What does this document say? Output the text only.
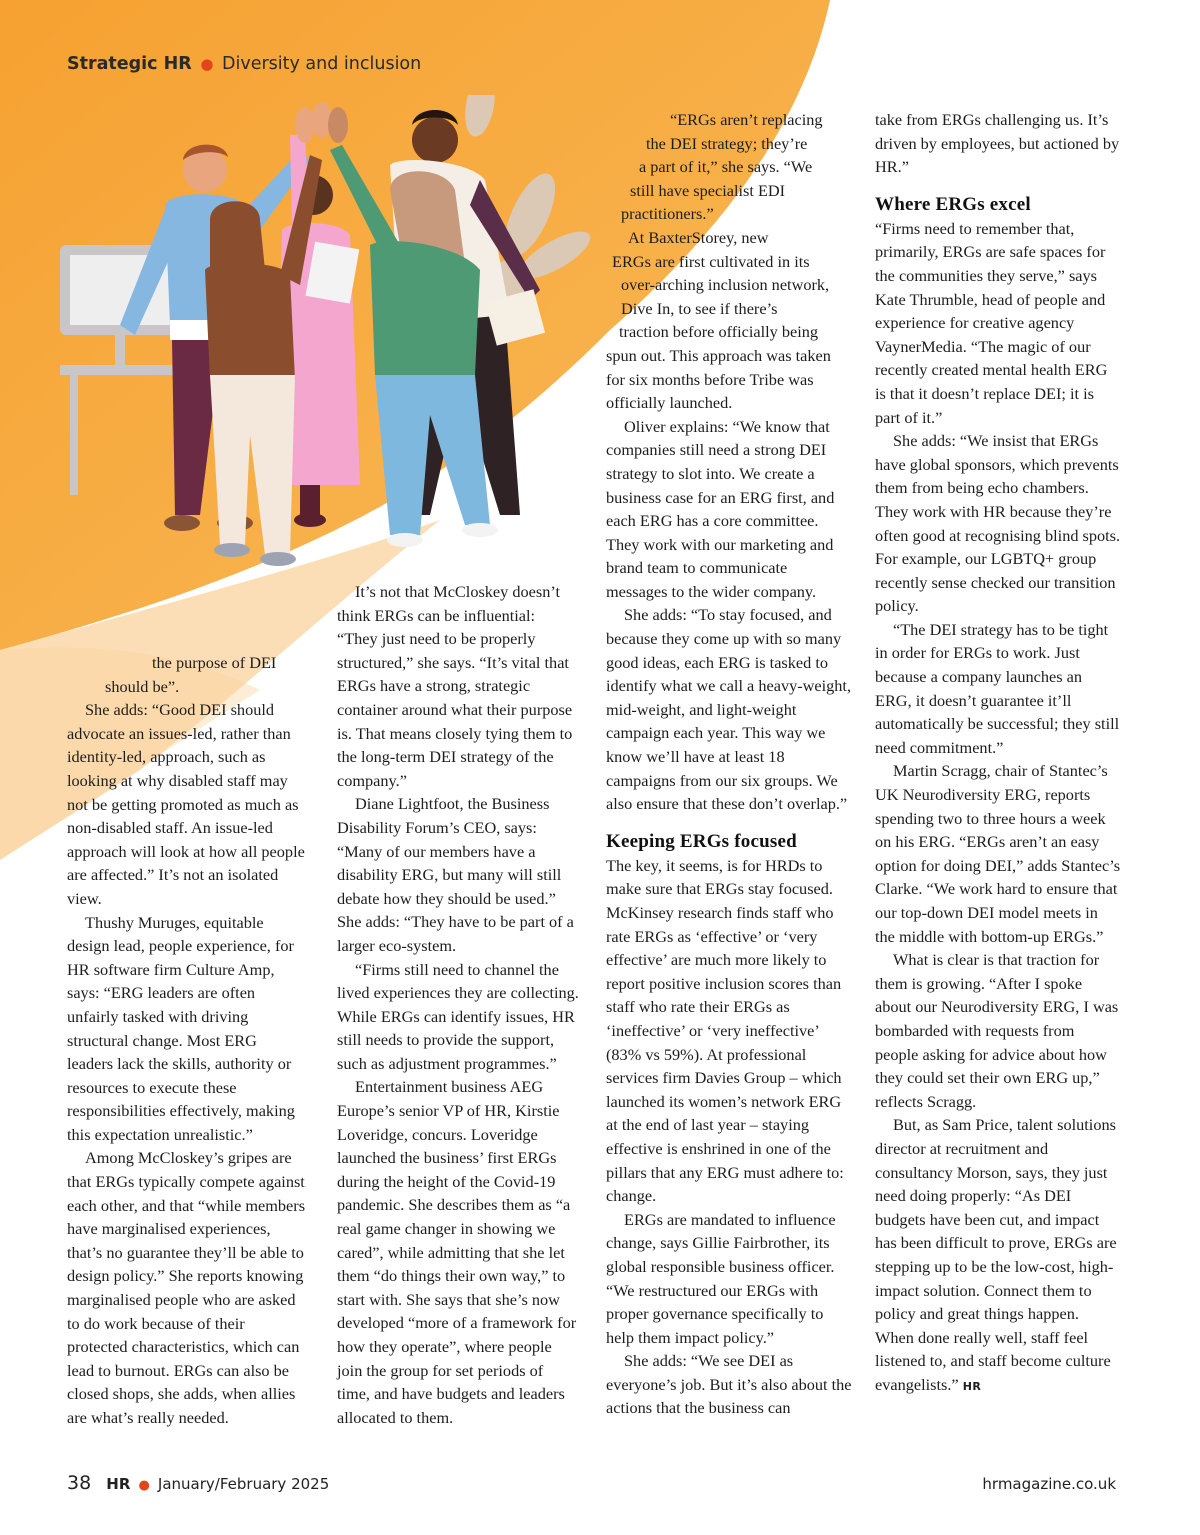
Strategic HR ● Diversity and inclusion
the purpose of DEI
should be”.

She adds: “Good DEI should advocate an issues-led, rather than identity-led, approach, such as looking at why disabled staff may not be getting promoted as much as non-disabled staff. An issue-led approach will look at how all people are affected.” It’s not an isolated view.

Thushy Muruges, equitable design lead, people experience, for HR software firm Culture Amp, says: “ERG leaders are often unfairly tasked with driving structural change. Most ERG leaders lack the skills, authority or resources to execute these responsibilities effectively, making this expectation unrealistic.”

Among McCloskey’s gripes are that ERGs typically compete against each other, and that “while members have marginalised experiences, that’s no guarantee they’ll be able to design policy.” She reports knowing marginalised people who are asked to do work because of their protected characteristics, which can lead to burnout. ERGs can also be closed shops, she adds, when allies are what’s really needed.

It’s not that McCloskey doesn’t think ERGs can be influential: “They just need to be properly structured,” she says. “It’s vital that ERGs have a strong, strategic container around what their purpose is. That means closely tying them to the long-term DEI strategy of the company.”

Diane Lightfoot, the Business Disability Forum’s CEO, says: “Many of our members have a disability ERG, but many will still debate how they should be used.” She adds: “They have to be part of a larger eco-system.

“Firms still need to channel the lived experiences they are collecting. While ERGs can identify issues, HR still needs to provide the support, such as adjustment programmes.”

Entertainment business AEG Europe’s senior VP of HR, Kirstie Loveridge, concurs. Loveridge launched the business’ first ERGs during the height of the Covid-19 pandemic. She describes them as “a real game changer in showing we cared”, while admitting that she let them “do things their own way,” to start with. She says that she’s now developed “more of a framework for how they operate”, where people join the group for set periods of time, and have budgets and leaders allocated to them.

“ERGs aren’t replacing
the DEI strategy; they’re
a part of it,” she says. “We
still have specialist EDI
practitioners.”
At BaxterStorey, new
ERGs are first cultivated in its
over-arching inclusion network,
Dive In, to see if there’s
traction before officially being

spun out. This approach was taken for six months before Tribe was officially launched.

Oliver explains: “We know that companies still need a strong DEI strategy to slot into. We create a business case for an ERG first, and each ERG has a core committee. They work with our marketing and brand team to communicate messages to the wider company.

She adds: “To stay focused, and because they come up with so many good ideas, each ERG is tasked to identify what we call a heavy-weight, mid-weight, and light-weight campaign each year. This way we know we’ll have at least 18 campaigns from our six groups. We also ensure that these don’t overlap.”

Keeping ERGs focused

The key, it seems, is for HRDs to make sure that ERGs stay focused. McKinsey research finds staff who rate ERGs as ‘effective’ or ‘very effective’ are much more likely to report positive inclusion scores than staff who rate their ERGs as ‘ineffective’ or ‘very ineffective’ (83% vs 59%). At professional services firm Davies Group – which launched its women’s network ERG at the end of last year – staying effective is enshrined in one of the pillars that any ERG must adhere to: change.

ERGs are mandated to influence change, says Gillie Fairbrother, its global responsible business officer. “We restructured our ERGs with proper governance specifically to help them impact policy.”

She adds: “We see DEI as everyone’s job. But it’s also about the actions that the business can

take from ERGs challenging us. It’s driven by employees, but actioned by HR.”

Where ERGs excel

“Firms need to remember that, primarily, ERGs are safe spaces for the communities they serve,” says Kate Thrumble, head of people and experience for creative agency VaynerMedia. “The magic of our recently created mental health ERG is that it doesn’t replace DEI; it is part of it.”

She adds: “We insist that ERGs have global sponsors, which prevents them from being echo chambers. They work with HR because they’re often good at recognising blind spots. For example, our LGBTQ+ group recently sense checked our transition policy.

“The DEI strategy has to be tight in order for ERGs to work. Just because a company launches an ERG, it doesn’t guarantee it’ll automatically be successful; they still need commitment.”

Martin Scragg, chair of Stantec’s UK Neurodiversity ERG, reports spending two to three hours a week on his ERG. “ERGs aren’t an easy option for doing DEI,” adds Stantec’s Clarke. “We work hard to ensure that our top-down DEI model meets in the middle with bottom-up ERGs.”

What is clear is that traction for them is growing. “After I spoke about our Neurodiversity ERG, I was bombarded with requests from people asking for advice about how they could set their own ERG up,” reflects Scragg.

But, as Sam Price, talent solutions director at recruitment and consultancy Morson, says, they just need doing properly: “As DEI budgets have been cut, and impact has been difficult to prove, ERGs are stepping up to be the low-cost, high-impact solution. Connect them to policy and great things happen. When done really well, staff feel listened to, and staff become culture evangelists.” HR

38 HR ● January/February 2025	hrmagazine.co.uk
